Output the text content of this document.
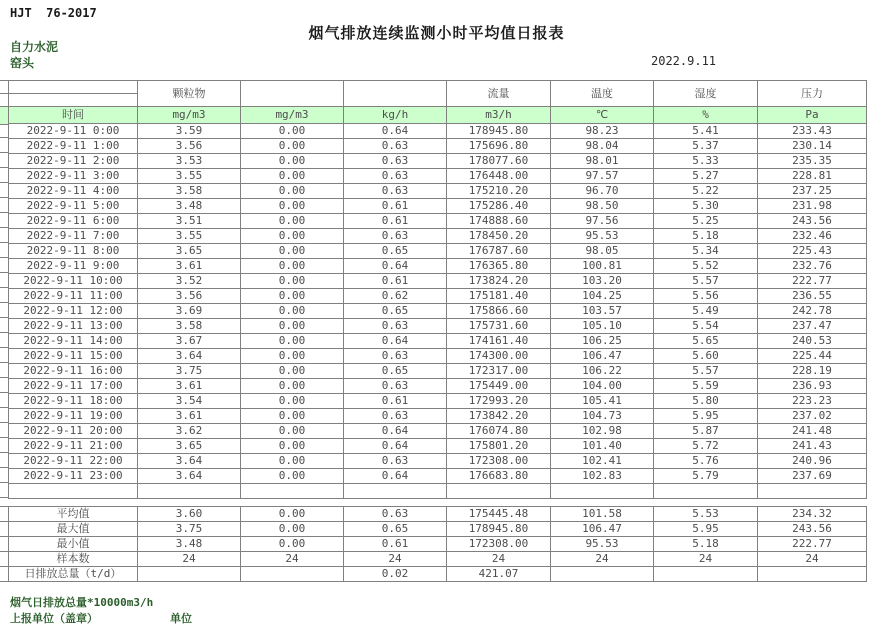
HJT  76-2017
烟气排放连续监测小时平均值日报表
自力水泥
窑头	2022.9.11
	颗粒物			流量	温度	湿度	压力

时间	mg/m3	mg/m3	kg/h	m3/h	℃	%	Pa
2022-9-11 0:00	3.59	0.00	0.64	178945.80	98.23	5.41	233.43
2022-9-11 1:00	3.56	0.00	0.63	175696.80	98.04	5.37	230.14
2022-9-11 2:00	3.53	0.00	0.63	178077.60	98.01	5.33	235.35
2022-9-11 3:00	3.55	0.00	0.63	176448.00	97.57	5.27	228.81
2022-9-11 4:00	3.58	0.00	0.63	175210.20	96.70	5.22	237.25
2022-9-11 5:00	3.48	0.00	0.61	175286.40	98.50	5.30	231.98
2022-9-11 6:00	3.51	0.00	0.61	174888.60	97.56	5.25	243.56
2022-9-11 7:00	3.55	0.00	0.63	178450.20	95.53	5.18	232.46
2022-9-11 8:00	3.65	0.00	0.65	176787.60	98.05	5.34	225.43
2022-9-11 9:00	3.61	0.00	0.64	176365.80	100.81	5.52	232.76
2022-9-11 10:00	3.52	0.00	0.61	173824.20	103.20	5.57	222.77
2022-9-11 11:00	3.56	0.00	0.62	175181.40	104.25	5.56	236.55
2022-9-11 12:00	3.69	0.00	0.65	175866.60	103.57	5.49	242.78
2022-9-11 13:00	3.58	0.00	0.63	175731.60	105.10	5.54	237.47
2022-9-11 14:00	3.67	0.00	0.64	174161.40	106.25	5.65	240.53
2022-9-11 15:00	3.64	0.00	0.63	174300.00	106.47	5.60	225.44
2022-9-11 16:00	3.75	0.00	0.65	172317.00	106.22	5.57	228.19
2022-9-11 17:00	3.61	0.00	0.63	175449.00	104.00	5.59	236.93
2022-9-11 18:00	3.54	0.00	0.61	172993.20	105.41	5.80	223.23
2022-9-11 19:00	3.61	0.00	0.63	173842.20	104.73	5.95	237.02
2022-9-11 20:00	3.62	0.00	0.64	176074.80	102.98	5.87	241.48
2022-9-11 21:00	3.65	0.00	0.64	175801.20	101.40	5.72	241.43
2022-9-11 22:00	3.64	0.00	0.63	172308.00	102.41	5.76	240.96
2022-9-11 23:00	3.64	0.00	0.64	176683.80	102.83	5.79	237.69

平均值	3.60	0.00	0.63	175445.48	101.58	5.53	234.32
最大值	3.75	0.00	0.65	178945.80	106.47	5.95	243.56
最小值	3.48	0.00	0.61	172308.00	95.53	5.18	222.77
样本数	24	24	24	24	24	24	24
日排放总量（t/d）			0.02	421.07			
烟气日排放总量*10000m3/h
上报单位（盖章）	单位
